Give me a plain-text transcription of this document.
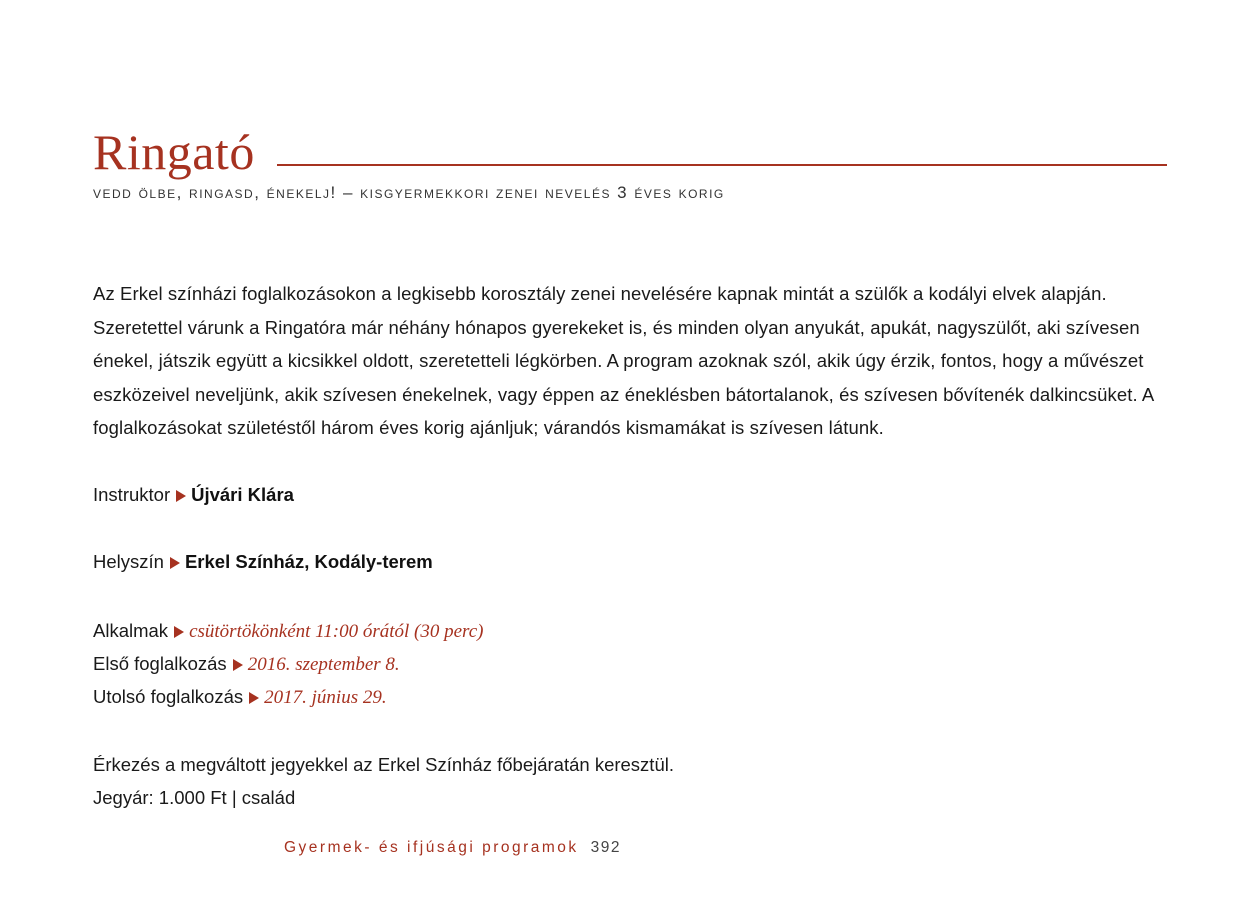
Ringató
vedd ölbe, ringasd, énekelj! – kisgyermekkori zenei nevelés 3 éves korig

Az Erkel színházi foglalkozásokon a legkisebb korosztály zenei nevelésére kapnak mintát a szülők a kodályi elvek alapján. Szeretettel várunk a Ringatóra már néhány hónapos gyerekeket is, és minden olyan anyukát, apukát, nagyszülőt, aki szívesen énekel, játszik együtt a kicsikkel oldott, szeretetteli légkörben. A program azoknak szól, akik úgy érzik, fontos, hogy a művészet eszközeivel neveljünk, akik szívesen énekelnek, vagy éppen az éneklésben bátortalanok, és szívesen bővítenék dalkincsüket. A foglalkozásokat születéstől három éves korig ajánljuk; várandós kismamákat is szívesen látunk.

Instruktor Újvári Klára
Helyszín Erkel Színház, Kodály-terem
Alkalmak csütörtökönként 11:00 órától (30 perc)
Első foglalkozás 2016. szeptember 8.
Utolsó foglalkozás 2017. június 29.
Érkezés a megváltott jegyekkel az Erkel Színház főbejáratán keresztül.
Jegyár: 1.000 Ft | család
Gyermek- és ifjúsági programok 392
